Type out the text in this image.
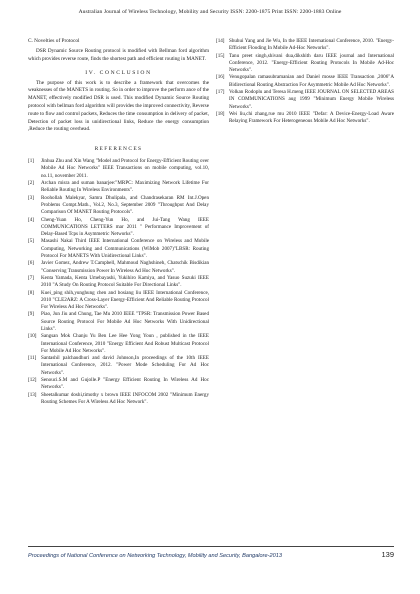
Australian Journal of Wireless Technology, Mobility and Security ISSN: 2200-1875 Print ISSN: 2200-1883 Online
C. Novelties of Protocol

DSR Dynamic Source Routing protocol is modified with Bellman ford algorithm which provides reverse route, finds the shortest path and efficient routing in MANET.

IV. CONCLUSION

The purpose of this work is to describe a framework that overcomes the weaknesses of the MANETS in routing. So in order to improve the perform ance of the MANET, effectively modified DSR is used. This modified Dynamic Source Routing protocol with bellman ford algorithm will provides the improved connectivity, Reverse route to flow and control packets, Reduces the time consumption in delivery of packet, Detection of packet loss in unidirectional links, Reduce the energy consumption ,Reduce the routing overhead.

REFERENCES
[1]	Jinhua Zhu and Xin Wang "Model and Protocol for Energy-Efficient Routing over Mobile Ad Hoc Networks" IEEE Transactions on mobile computing, vol.10, no.11, november 2011.
[2]	Archan misra and suman banarjee:"MRPC: Maximizing Network Lifetime For Reliable Routing In Wireless Environments".
[3]	Roohollah Malekyar, Samra Dhulipala, and Chandrasekaran RM Int.J.Open Problems Compt.Math., Vol.2, No.3, September 2009 "Throughput And Delay Comparison Of MANET Routing Protocols".
[4]	Cheng-Yuan Ho, Cheng-Yun Ho, and Jui-Tang Wang IEEE COMMUNICATIONS LETTERS mar 2011 " Performance Improvement of Delay-Based Tcps in Asymmetric Networks".
[5]	Masashi Nakai Third IEEE International Conference on Wireless and Mobile Computing, Networking and Communications (WiMob 2007)"LBSR: Routing Protocol For MANETS With Unidirectional Links".
[6]	Javier Gomez, Andrew T.Campbell, Mahmoud Naghshineh, Chatschik Bisdikian "Conserving Transmission Power In Wireless Ad Hoc Networks".
[7]	Kenta Yamada, Kenta Umebayashi, Yukihiro Kamiya, and Yasuo Suzuki IEEE 2010 "A Study On Routing Protocol Suitable For Directional Links".
[8]	Kuei_ping shih,yunghung chen and bosiang liu IEEE International Conference, 2010 "CLE2ARZ: A Cross-Layer Energy-Efficient And Reliable Routing Protocol For Wireless Ad Hoc Networks".
[9]	Piao, Jun Jiu and Chung, Tae Mu 2010 IEEE "TPSR: Transmission Power Based Source Routing Protocol For Mobile Ad Hoc Networks With Unidirectional Links".
[10] Sangsan Mok Chanju Yu Ben Lee Hee Yong Youn , published in the IEEE International Conference, 2010 "Energy Efficient And Robust Multicast Protocol For Mobile Ad Hoc Networks".
[11] Santashil palchaudhuri and david Johnson,In proceedings of the 10th IEEE International Conference, 2012. "Power Mode Scheduling For Ad Hoc Networks".
[12] Senouci.S.M and Gujolle.P "Energy Efficient Routing In Wireless Ad Hoc Networks".
[13] Sheetalkumar doshi,timothy x brown IEEE INFOCOM 2002 "Minimum Energy Routing Schemes For A Wireless Ad Hoc Network".
[14] Shuhui Yang and Jie Wu, In the IEEE International Conference, 2010. "Energy-Efficient Flooding In Mobile Ad-Hoc Networks".
[15] Tanu preet singh,shivani dua,dikshith daru IEEE journal and International Conference, 2012. "Energy-Efficient Routing Protocols In Mobile Ad-Hoc Networks".
[16] Venugopalan ramasubramanian and Daniel mosse IEEE Transaction ,2006"A Bidirectional Routing Abstraction For Asymmetric Mobile Ad Hoc Networks".
[17] Volkan Rodoplu and Teresa H.meng IEEE JOURNAL ON SELECTED AREAS IN COMMUNICATIONS aug 1999 "Minimum Energy Mobile Wireless Networks".
[18] Wei liu,chi zhang,rue mu 2010 IEEE "Defar: A Device-Energy-Load Aware Relaying Framework For Heterogeneous Mobile Ad Hoc Networks".
Proceedings of National Conference on Networking Technology, Mobility and Security, Bangalore-2013	139
